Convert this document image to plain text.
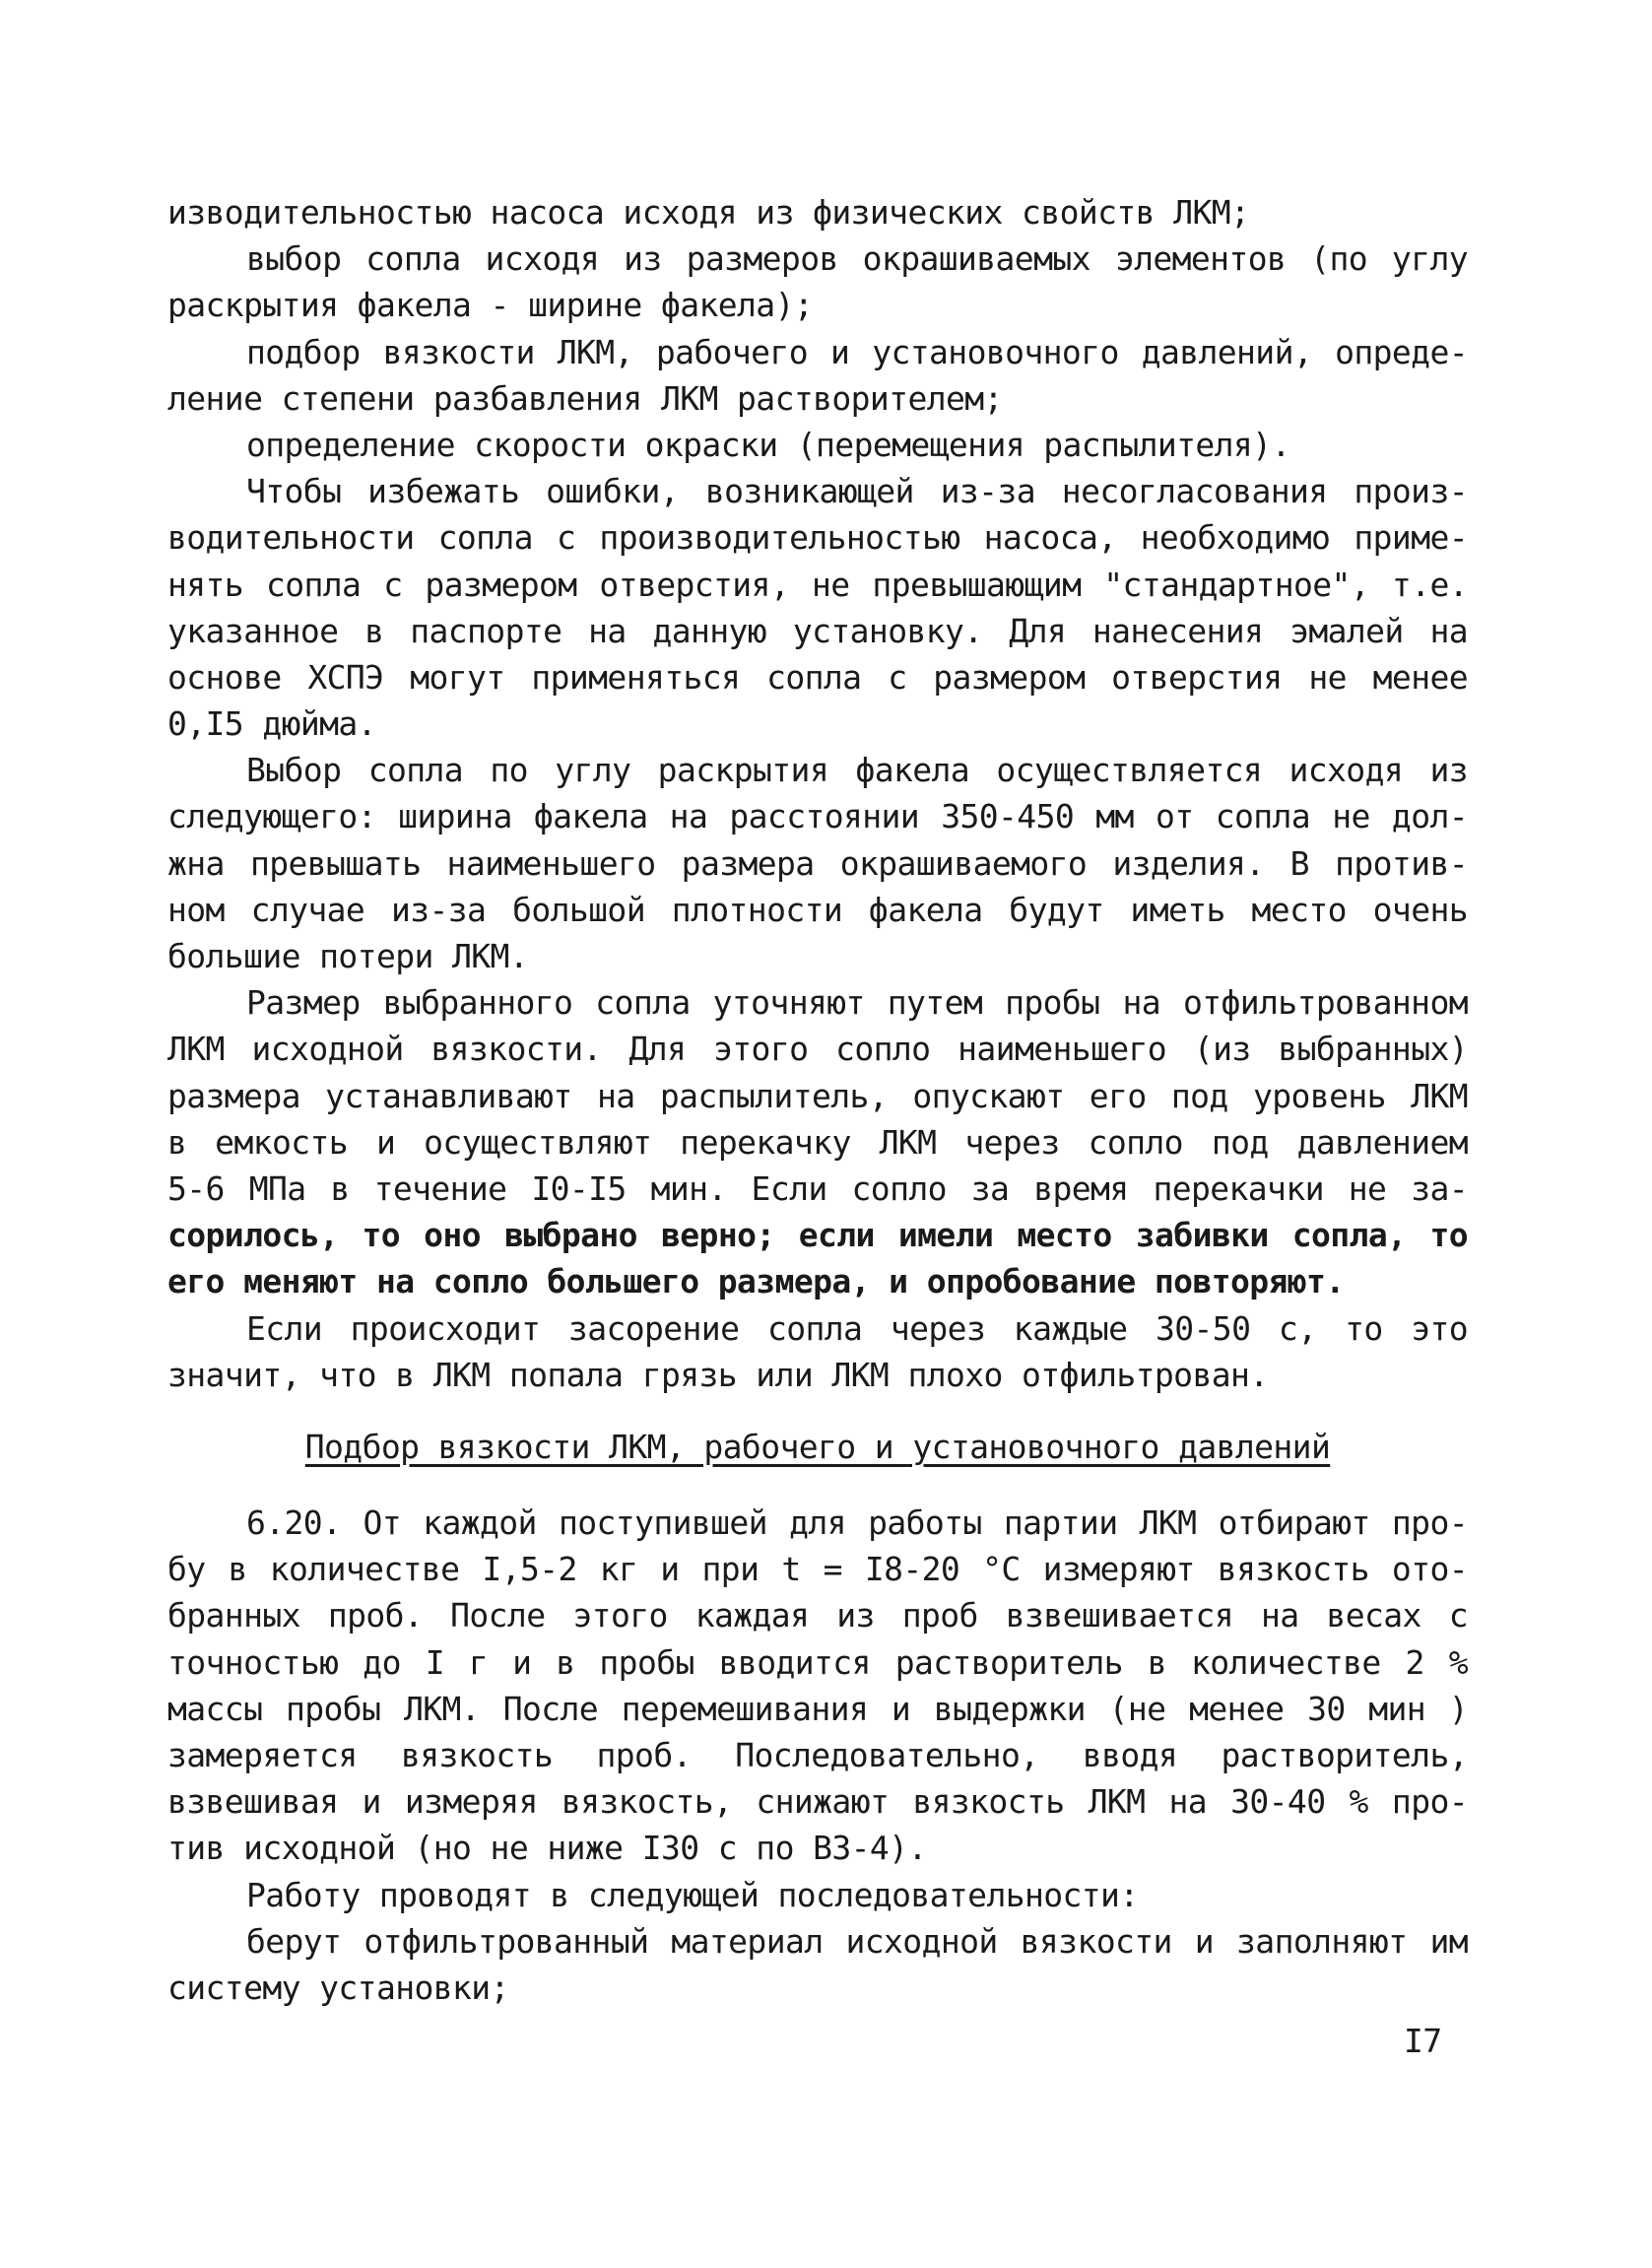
изводительностью насоса исходя из физических свойств ЛКМ;
выбор сопла исходя из размеров окрашиваемых элементов (по углу
раскрытия факела - ширине факела);
подбор вязкости ЛКМ, рабочего и установочного давлений, опреде-
ление степени разбавления ЛКМ растворителем;
определение скорости окраски (перемещения распылителя).
Чтобы избежать ошибки, возникающей из-за несогласования произ-
водительности сопла с производительностью насоса, необходимо приме-
нять сопла с размером отверстия, не превышающим "стандартное", т.е.
указанное в паспорте на данную установку. Для нанесения эмалей на
основе ХСПЭ могут применяться сопла с размером отверстия не менее
0,I5 дюйма.
Выбор сопла по углу раскрытия факела осуществляется исходя из
следующего: ширина факела на расстоянии 350-450 мм от сопла не дол-
жна превышать наименьшего размера окрашиваемого изделия. В против-
ном случае из-за большой плотности факела будут иметь место очень
большие потери ЛКМ.
Размер выбранного сопла уточняют путем пробы на отфильтрованном
ЛКМ исходной вязкости. Для этого сопло наименьшего (из выбранных)
размера устанавливают на распылитель, опускают его под уровень ЛКМ
в емкость и осуществляют перекачку ЛКМ через сопло под давлением
5-6 МПа в течение I0-I5 мин. Если сопло за время перекачки не за-
сорилось, то оно выбрано верно; если имели место забивки сопла, то
его меняют на сопло большего размера, и опробование повторяют.
Если происходит засорение сопла через каждые 30-50 с, то это
значит, что в ЛКМ попала грязь или ЛКМ плохо отфильтрован.
Подбор вязкости ЛКМ, рабочего и установочного давлений
6.20. От каждой поступившей для работы партии ЛКМ отбирают про-
бу в количестве I,5-2 кг и при t = I8-20 °С измеряют вязкость ото-
бранных проб. После этого каждая из проб взвешивается на весах с
точностью до I г и в пробы вводится растворитель в количестве 2 %
массы пробы ЛКМ. После перемешивания и выдержки (не менее 30 мин )
замеряется вязкость проб. Последовательно, вводя растворитель,
взвешивая и измеряя вязкость, снижают вязкость ЛКМ на 30-40 % про-
тив исходной (но не ниже I30 с по ВЗ-4).
Работу проводят в следующей последовательности:
берут отфильтрованный материал исходной вязкости и заполняют им
систему установки;
I7
